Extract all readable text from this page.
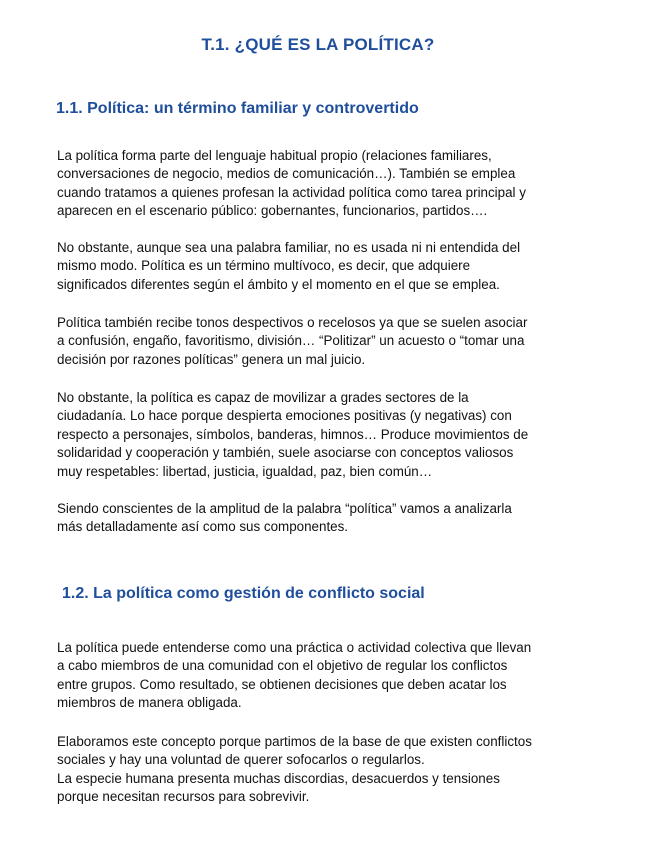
T.1. ¿QUÉ ES LA POLÍTICA?
1.1. Política: un término familiar y controvertido
La política forma parte del lenguaje habitual propio (relaciones familiares,
conversaciones de negocio, medios de comunicación…). También se emplea
cuando tratamos a quienes profesan la actividad política como tarea principal y
aparecen en el escenario público: gobernantes, funcionarios, partidos….
No obstante, aunque sea una palabra familiar, no es usada ni ni entendida del
mismo modo. Política es un término multívoco, es decir, que adquiere
significados diferentes según el ámbito y el momento en el que se emplea.
Política también recibe tonos despectivos o recelosos ya que se suelen asociar
a confusión, engaño, favoritismo, división… “Politizar” un acuesto o “tomar una
decisión por razones políticas” genera un mal juicio.
No obstante, la política es capaz de movilizar a grades sectores de la
ciudadanía. Lo hace porque despierta emociones positivas (y negativas) con
respecto a personajes, símbolos, banderas, himnos… Produce movimientos de
solidaridad y cooperación y también, suele asociarse con conceptos valiosos
muy respetables: libertad, justicia, igualdad, paz, bien común…
Siendo conscientes de la amplitud de la palabra “política” vamos a analizarla
más detalladamente así como sus componentes.
1.2. La política como gestión de conflicto social
La política puede entenderse como una práctica o actividad colectiva que llevan
a cabo miembros de una comunidad con el objetivo de regular los conflictos
entre grupos. Como resultado, se obtienen decisiones que deben acatar los
miembros de manera obligada.
Elaboramos este concepto porque partimos de la base de que existen conflictos
sociales y hay una voluntad de querer sofocarlos o regularlos.
La especie humana presenta muchas discordias, desacuerdos y tensiones
porque necesitan recursos para sobrevivir.
